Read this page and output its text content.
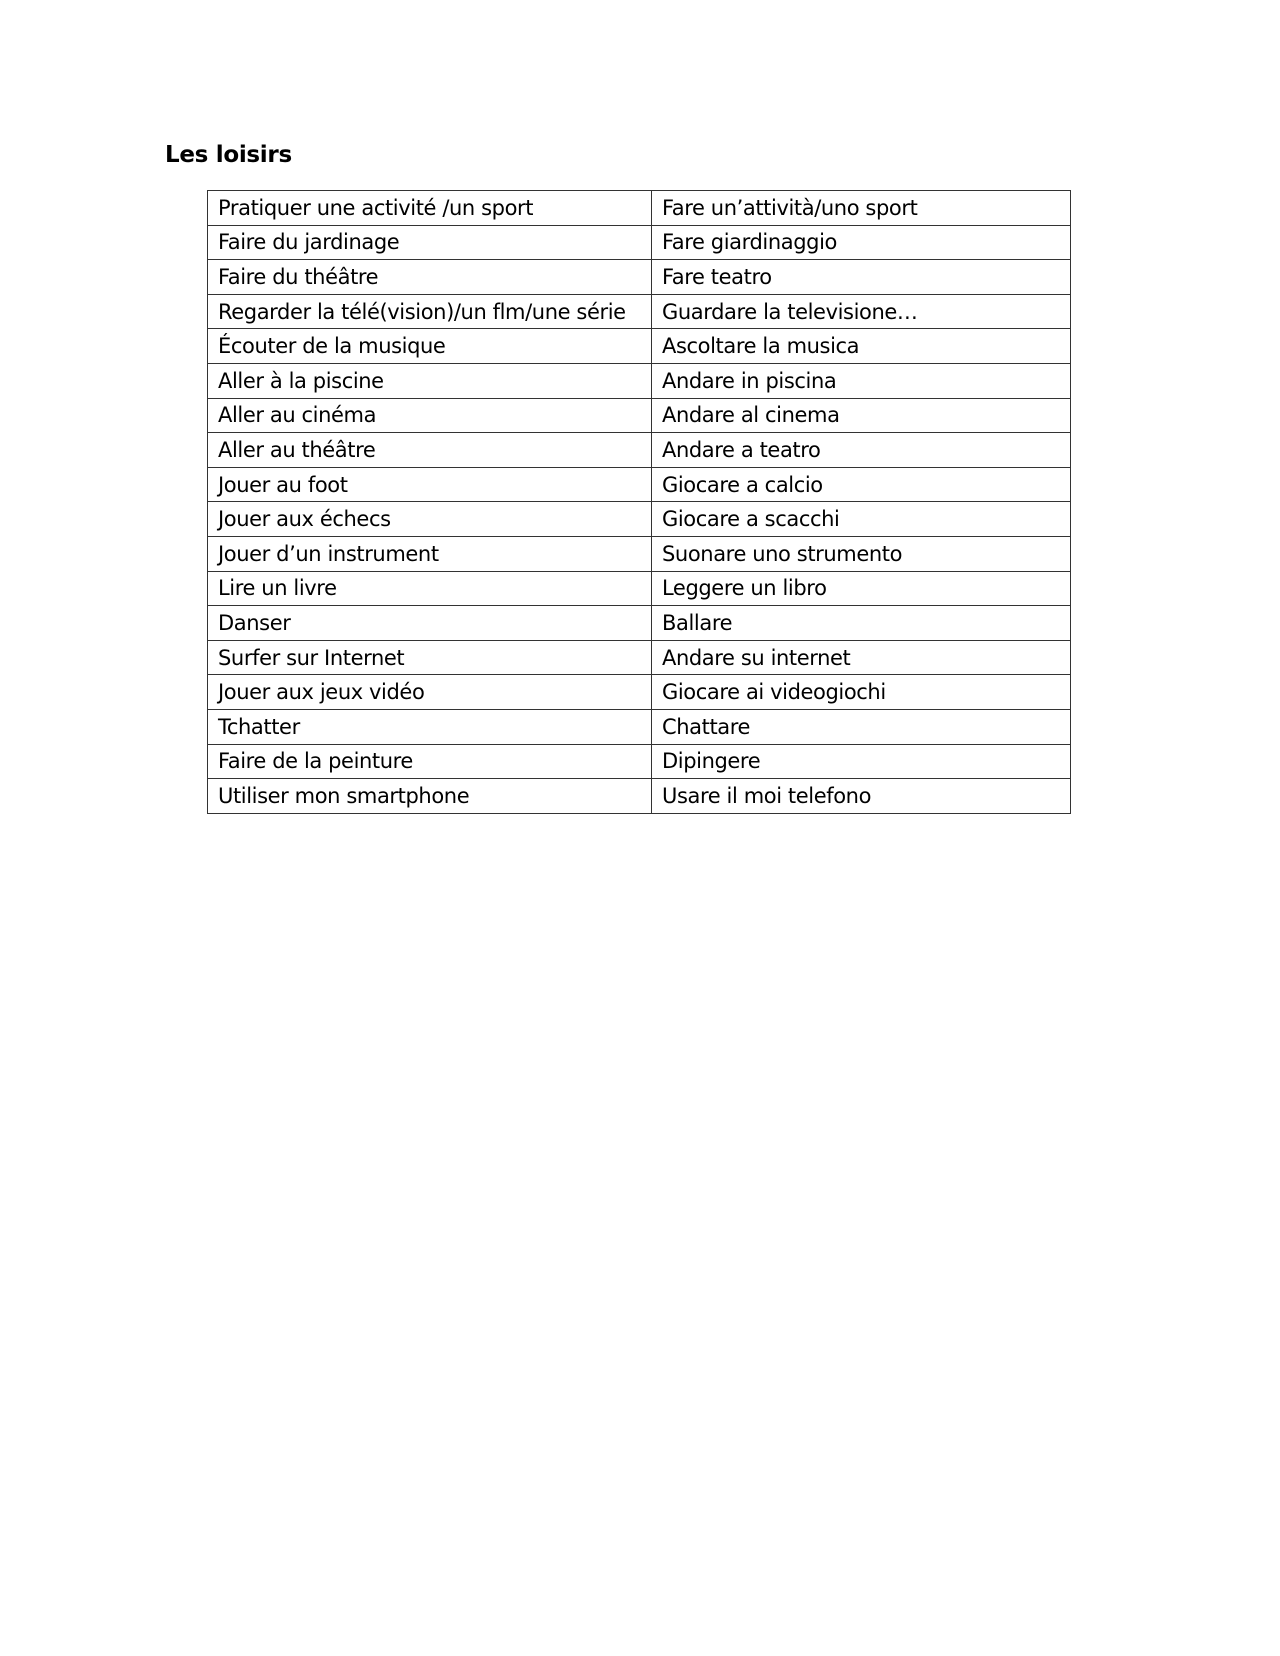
Les loisirs
Pratiquer une activité /un sport	Fare un’attività/uno sport
Faire du jardinage	Fare giardinaggio
Faire du théâtre	Fare teatro
Regarder la télé(vision)/un flm/une série	Guardare la televisione…
Écouter de la musique	Ascoltare la musica
Aller à la piscine	Andare in piscina
Aller au cinéma	Andare al cinema
Aller au théâtre	Andare a teatro
Jouer au foot	Giocare a calcio
Jouer aux échecs	Giocare a scacchi
Jouer d’un instrument	Suonare uno strumento
Lire un livre	Leggere un libro
Danser	Ballare
Surfer sur Internet	Andare su internet
Jouer aux jeux vidéo	Giocare ai videogiochi
Tchatter	Chattare
Faire de la peinture	Dipingere
Utiliser mon smartphone	Usare il moi telefono
